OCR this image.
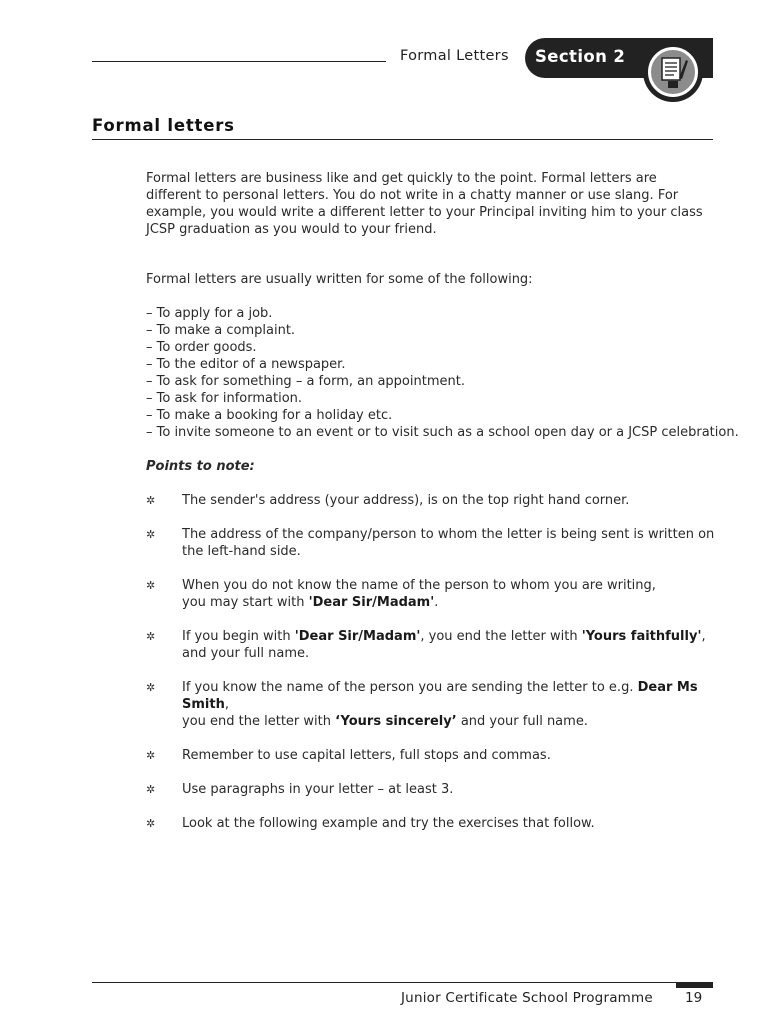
Formal Letters Section 2
Formal letters

Formal letters are business like and get quickly to the point. Formal letters are different to personal letters. You do not write in a chatty manner or use slang. For example, you would write a different letter to your Principal inviting him to your class JCSP graduation as you would to your friend.

Formal letters are usually written for some of the following:

– To apply for a job.
– To make a complaint.
– To order goods.
– To the editor of a newspaper.
– To ask for something – a form, an appointment.
– To ask for information.
– To make a booking for a holiday etc.
– To invite someone to an event or to visit such as a school open day or a JCSP celebration.
Points to note:
✲ The sender's address (your address), is on the top right hand corner.
✲ The address of the company/person to whom the letter is being sent is written on the left-hand side.
✲ When you do not know the name of the person to whom you are writing,
you may start with 'Dear Sir/Madam'.
✲ If you begin with 'Dear Sir/Madam', you end the letter with 'Yours faithfully',
and your full name.
✲ If you know the name of the person you are sending the letter to e.g. Dear Ms Smith,
you end the letter with ‘Yours sincerely’ and your full name.
✲ Remember to use capital letters, full stops and commas.
✲ Use paragraphs in your letter – at least 3.
✲ Look at the following example and try the exercises that follow.
Junior Certificate School Programme 19
